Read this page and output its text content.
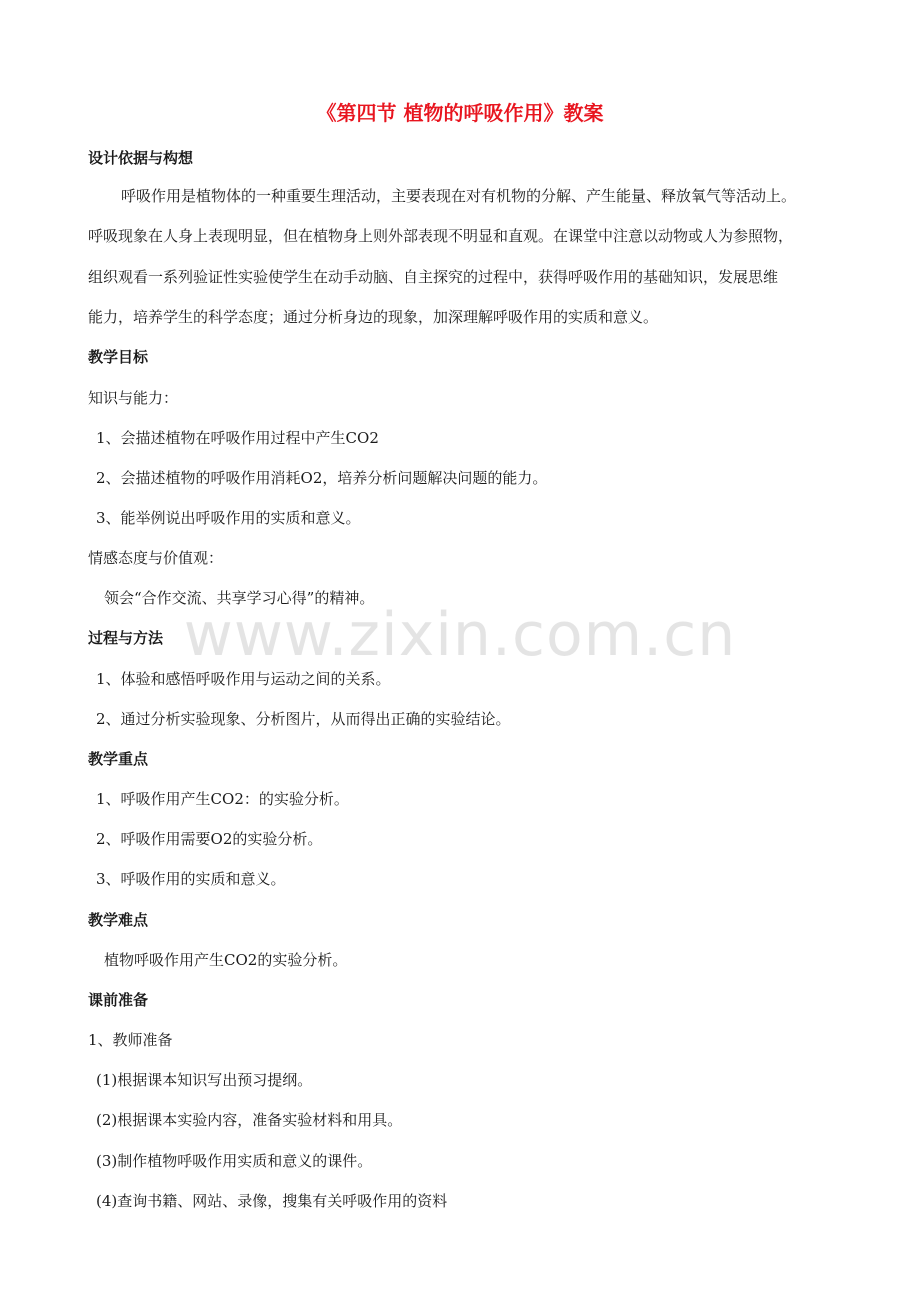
《第四节 植物的呼吸作用》教案
设计依据与构想
呼吸作用是植物体的一种重要生理活动，主要表现在对有机物的分解、产生能量、释放氧气等活动上。
呼吸现象在人身上表现明显，但在植物身上则外部表现不明显和直观。在课堂中注意以动物或人为参照物，
组织观看一系列验证性实验使学生在动手动脑、自主探究的过程中，获得呼吸作用的基础知识，发展思维
能力，培养学生的科学态度；通过分析身边的现象，加深理解呼吸作用的实质和意义。
教学目标
知识与能力：
1、会描述植物在呼吸作用过程中产生CO2
2、会描述植物的呼吸作用消耗O2，培养分析问题解决问题的能力。
3、能举例说出呼吸作用的实质和意义。
情感态度与价值观：
领会“合作交流、共享学习心得”的精神。
www.zixin.com.cn
过程与方法
1、体验和感悟呼吸作用与运动之间的关系。
2、通过分析实验现象、分析图片，从而得出正确的实验结论。
教学重点
1、呼吸作用产生CO2：的实验分析。
2、呼吸作用需要O2的实验分析。
3、呼吸作用的实质和意义。
教学难点
植物呼吸作用产生CO2的实验分析。
课前准备
1、教师准备
(1)根据课本知识写出预习提纲。
(2)根据课本实验内容，准备实验材料和用具。
(3)制作植物呼吸作用实质和意义的课件。
(4)查询书籍、网站、录像，搜集有关呼吸作用的资料
